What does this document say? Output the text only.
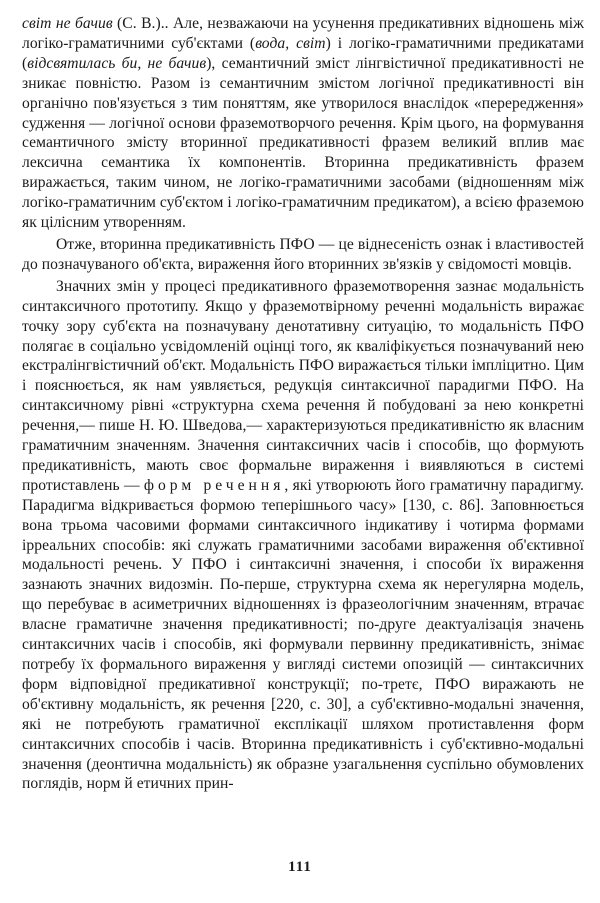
світ не бачив (С. В.).. Але, незважаючи на усунення предикативних відношень між логіко-граматичними суб'єктами (вода, світ) і логіко-граматичними предикатами (відсвятилась би, не бачив), семантичний зміст лінгвістичної предикативності не зникає повністю. Разом із семантичним змістом логічної предикативності він органічно пов'язується з тим поняттям, яке утворилося внаслідок «перередження» судження — логічної основи фраземотворчого речення. Крім цього, на формування семантичного змісту вторинної предикативності фразем великий вплив має лексична семантика їх компонентів. Вторинна предикативність фразем виражається, таким чином, не логіко-граматичними засобами (відношенням між логіко-граматичним суб'єктом і логіко-граматичним предикатом), а всією фраземою як цілісним утворенням.

Отже, вторинна предикативність ПФО — це віднесеність ознак і властивостей до позначуваного об'єкта, вираження його вторинних зв'язків у свідомості мовців.

Значних змін у процесі предикативного фраземотворення зазнає модальність синтаксичного прототипу. Якщо у фраземотвірному реченні модальність виражає точку зору суб'єкта на позначувану денотативну ситуацію, то модальність ПФО полягає в соціально усвідомленій оцінці того, як кваліфікується позначуваний нею екстралінгвістичний об'єкт. Модальність ПФО виражається тільки імпліцитно. Цим і пояснюється, як нам уявляється, редукція синтаксичної парадигми ПФО. На синтаксичному рівні «структурна схема речення й побудовані за нею конкретні речення,— пише Н. Ю. Шведова,— характеризуються предикативністю як власним граматичним значенням. Значення синтаксичних часів і способів, що формують предикативність, мають своє формальне вираження і виявляються в системі протиставлень — форм речення, які утворюють його граматичну парадигму. Парадигма відкривається формою теперішнього часу» [130, с. 86]. Заповнюється вона трьома часовими формами синтаксичного індикативу і чотирма формами ірреальних способів: які служать граматичними засобами вираження об'єктивної модальності речень. У ПФО і синтаксичні значення, і способи їх вираження зазнають значних видозмін. По-перше, структурна схема як нерегулярна модель, що перебуває в асиметричних відношеннях із фразеологічним значенням, втрачає власне граматичне значення предикативності; по-друге деактуалізація значень синтаксичних часів і способів, які формували первинну предикативність, знімає потребу їх формального вираження у вигляді системи опозицій — синтаксичних форм відповідної предикативної конструкції; по-третє, ПФО виражають не об'єктивну модальність, як речення [220, с. 30], а суб'єктивно-модальні значення, які не потребують граматичної експлікації шляхом протиставлення форм синтаксичних способів і часів. Вторинна предикативність і суб'єктивно-модальні значення (деонтична модальність) як образне узагальнення суспільно обумовлених поглядів, норм й етичних прин-

111
